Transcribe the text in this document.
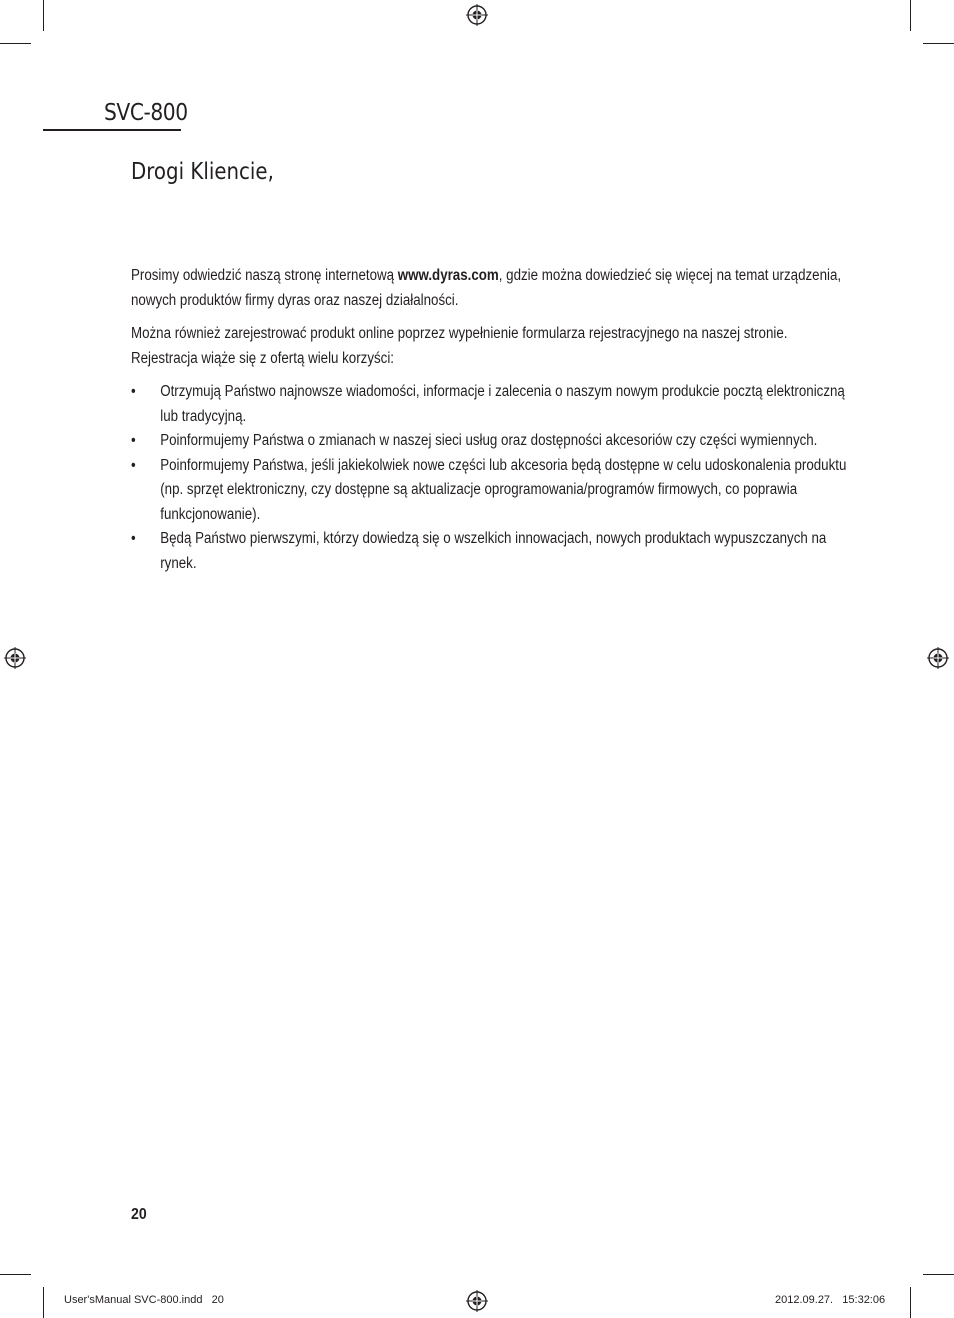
SVC-800
Drogi Kliencie,

Prosimy odwiedzić naszą stronę internetową www.dyras.com, gdzie można dowiedzieć się więcej na temat urządzenia, nowych produktów firmy dyras oraz naszej działalności.

Można również zarejestrować produkt online poprzez wypełnienie formularza rejestracyjnego na naszej stronie. Rejestracja wiąże się z ofertą wielu korzyści:

• Otrzymują Państwo najnowsze wiadomości, informacje i zalecenia o naszym nowym produkcie pocztą elektroniczną lub tradycyjną.
• Poinformujemy Państwa o zmianach w naszej sieci usług oraz dostępności akcesoriów czy części wymiennych.
• Poinformujemy Państwa, jeśli jakiekolwiek nowe części lub akcesoria będą dostępne w celu udoskonalenia produktu (np. sprzęt elektroniczny, czy dostępne są aktualizacje oprogramowania/programów firmowych, co poprawia funkcjonowanie).
• Będą Państwo pierwszymi, którzy dowiedzą się o wszelkich innowacjach, nowych produktach wypuszczanych na rynek.
20
User'sManual SVC-800.indd   20	2012.09.27.   15:32:06
